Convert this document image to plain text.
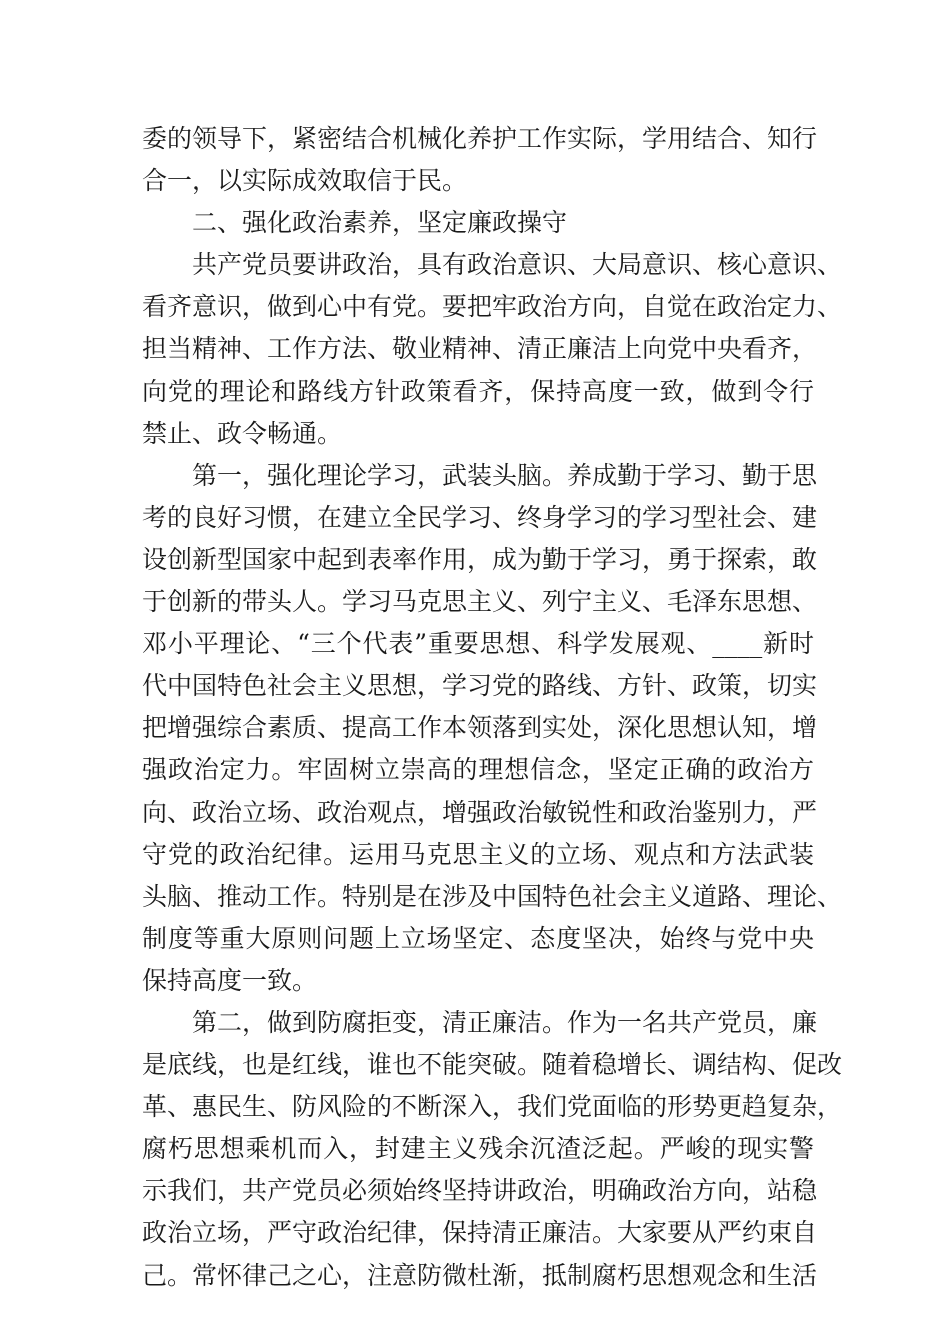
委的领导下，紧密结合机械化养护工作实际，学用结合、知行
合一，以实际成效取信于民。
二、强化政治素养，坚定廉政操守
共产党员要讲政治，具有政治意识、大局意识、核心意识、
看齐意识，做到心中有党。要把牢政治方向，自觉在政治定力、
担当精神、工作方法、敬业精神、清正廉洁上向党中央看齐，
向党的理论和路线方针政策看齐，保持高度一致，做到令行
禁止、政令畅通。
第一，强化理论学习，武装头脑。养成勤于学习、勤于思
考的良好习惯，在建立全民学习、终身学习的学习型社会、建
设创新型国家中起到表率作用，成为勤于学习，勇于探索，敢
于创新的带头人。学习马克思主义、列宁主义、毛泽东思想、
邓小平理论、“三个代表”重要思想、科学发展观、____新时
代中国特色社会主义思想，学习党的路线、方针、政策，切实
把增强综合素质、提高工作本领落到实处，深化思想认知，增
强政治定力。牢固树立崇高的理想信念，坚定正确的政治方
向、政治立场、政治观点，增强政治敏锐性和政治鉴别力，严
守党的政治纪律。运用马克思主义的立场、观点和方法武装
头脑、推动工作。特别是在涉及中国特色社会主义道路、理论、
制度等重大原则问题上立场坚定、态度坚决，始终与党中央
保持高度一致。
第二，做到防腐拒变，清正廉洁。作为一名共产党员，廉
是底线，也是红线，谁也不能突破。随着稳增长、调结构、促改
革、惠民生、防风险的不断深入，我们党面临的形势更趋复杂，
腐朽思想乘机而入，封建主义残余沉渣泛起。严峻的现实警
示我们，共产党员必须始终坚持讲政治，明确政治方向，站稳
政治立场，严守政治纪律，保持清正廉洁。大家要从严约束自
己。常怀律己之心，注意防微杜渐，抵制腐朽思想观念和生活
